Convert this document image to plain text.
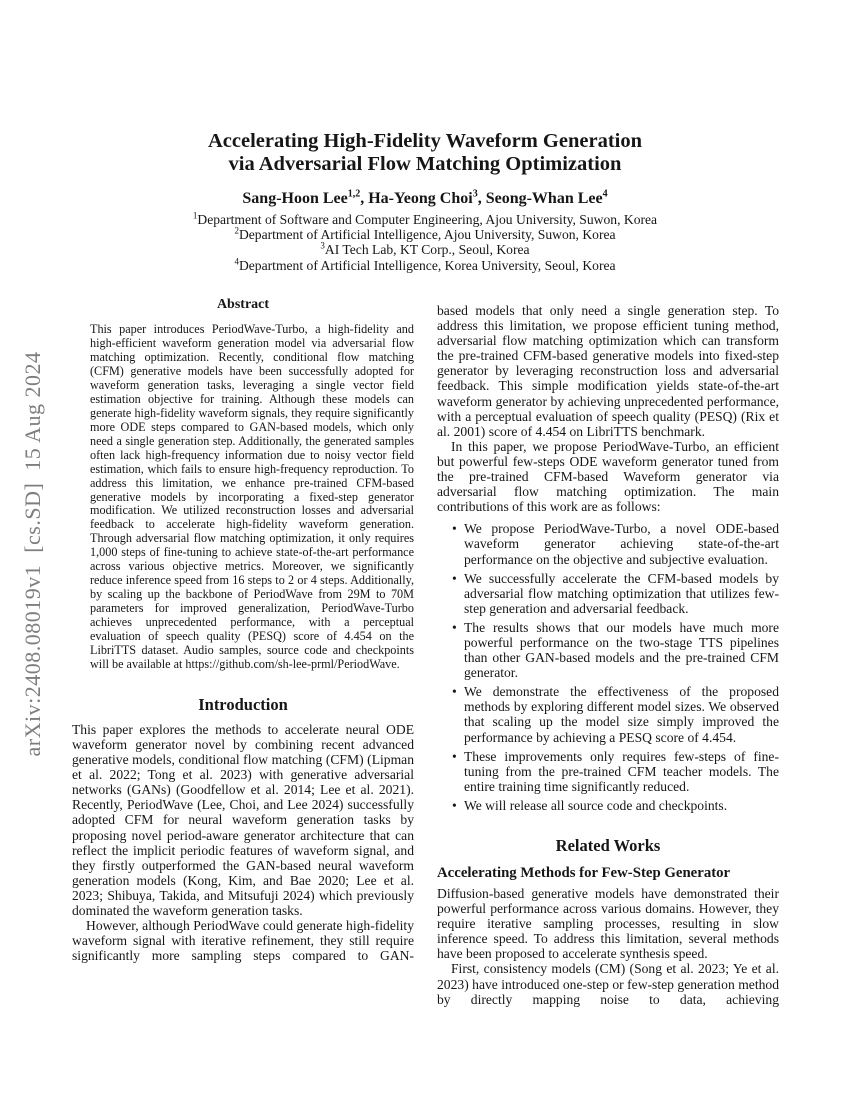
arXiv:2408.08019v1  [cs.SD]  15 Aug 2024
Accelerating High-Fidelity Waveform Generation
via Adversarial Flow Matching Optimization
Sang-Hoon Lee$^{1,2}$, Ha-Yeong Choi$^3$, Seong-Whan Lee$^4$
$^1$Department of Software and Computer Engineering, Ajou University, Suwon, Korea
$^2$Department of Artificial Intelligence, Ajou University, Suwon, Korea
$^3$AI Tech Lab, KT Corp., Seoul, Korea
$^4$Department of Artificial Intelligence, Korea University, Seoul, Korea
Abstract
This paper introduces PeriodWave-Turbo, a high-fidelity and high-efficient waveform generation model via adversarial flow matching optimization. Recently, conditional flow matching (CFM) generative models have been successfully adopted for waveform generation tasks, leveraging a single vector field estimation objective for training. Although these models can generate high-fidelity waveform signals, they require significantly more ODE steps compared to GAN-based models, which only need a single generation step. Additionally, the generated samples often lack high-frequency information due to noisy vector field estimation, which fails to ensure high-frequency reproduction. To address this limitation, we enhance pre-trained CFM-based generative models by incorporating a fixed-step generator modification. We utilized reconstruction losses and adversarial feedback to accelerate high-fidelity waveform generation. Through adversarial flow matching optimization, it only requires 1,000 steps of fine-tuning to achieve state-of-the-art performance across various objective metrics. Moreover, we significantly reduce inference speed from 16 steps to 2 or 4 steps. Additionally, by scaling up the backbone of PeriodWave from 29M to 70M parameters for improved generalization, PeriodWave-Turbo achieves unprecedented performance, with a perceptual evaluation of speech quality (PESQ) score of 4.454 on the LibriTTS dataset. Audio samples, source code and checkpoints will be available at https://github.com/sh-lee-prml/PeriodWave.
Introduction

This paper explores the methods to accelerate neural ODE waveform generator novel by combining recent advanced generative models, conditional flow matching (CFM) (Lipman et al. 2022; Tong et al. 2023) with generative adversarial networks (GANs) (Goodfellow et al. 2014; Lee et al. 2021). Recently, PeriodWave (Lee, Choi, and Lee 2024) successfully adopted CFM for neural waveform generation tasks by proposing novel period-aware generator architecture that can reflect the implicit periodic features of waveform signal, and they firstly outperformed the GAN-based neural waveform generation models (Kong, Kim, and Bae 2020; Lee et al. 2023; Shibuya, Takida, and Mitsufuji 2024) which previously dominated the waveform generation tasks.

However, although PeriodWave could generate high-fidelity waveform signal with iterative refinement, they still require significantly more sampling steps compared to GAN-

based models that only need a single generation step. To address this limitation, we propose efficient tuning method, adversarial flow matching optimization which can transform the pre-trained CFM-based generative models into fixed-step generator by leveraging reconstruction loss and adversarial feedback. This simple modification yields state-of-the-art waveform generator by achieving unprecedented performance, with a perceptual evaluation of speech quality (PESQ) (Rix et al. 2001) score of 4.454 on LibriTTS benchmark.

In this paper, we propose PeriodWave-Turbo, an efficient but powerful few-steps ODE waveform generator tuned from the pre-trained CFM-based Waveform generator via adversarial flow matching optimization. The main contributions of this work are as follows:

• We propose PeriodWave-Turbo, a novel ODE-based waveform generator achieving state-of-the-art performance on the objective and subjective evaluation.
• We successfully accelerate the CFM-based models by adversarial flow matching optimization that utilizes few-step generation and adversarial feedback.
• The results shows that our models have much more powerful performance on the two-stage TTS pipelines than other GAN-based models and the pre-trained CFM generator.
• We demonstrate the effectiveness of the proposed methods by exploring different model sizes. We observed that scaling up the model size simply improved the performance by achieving a PESQ score of 4.454.
• These improvements only requires few-steps of fine-tuning from the pre-trained CFM teacher models. The entire training time significantly reduced.
• We will release all source code and checkpoints.
Related Works
Accelerating Methods for Few-Step Generator

Diffusion-based generative models have demonstrated their powerful performance across various domains. However, they require iterative sampling processes, resulting in slow inference speed. To address this limitation, several methods have been proposed to accelerate synthesis speed.

First, consistency models (CM) (Song et al. 2023; Ye et al. 2023) have introduced one-step or few-step generation method by directly mapping noise to data, achieving
